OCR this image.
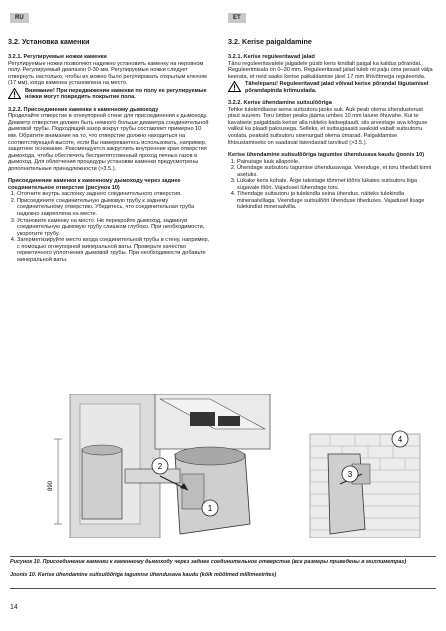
RU	ET
3.2. Установка каменки
3.2.1. Регулируемые ножки каменки

Регулируемые ножки позволяют надежно установить каменку на неровном полу. Регулируемый диапазон 0-30 мм. Регулируемые ножки следует отвернуть настолько, чтобы их можно было регулировать открытым ключом (17 мм), когда каменка установлена на место.

Внимание! При передвижении каменки по полу ее регулируемые ножки могут повредить покрытие пола.
3.2.2. Присоединение каменки к каменному дымоходу

Проделайте отверстие в огнеупорной стене для присоединения к дымоходу. Диаметр отверстия должен быть немного больше диаметра соединительной дымовой трубы. Подходящий зазор вокруг трубы составляет примерно 10 мм. Обратите внимание на то, что отверстие должно находиться на соответствующей высоте, если Вы намереваетесь использовать, например, защитное основание. Рекомендуется закруглить внутренние края отверстия дымохода, чтобы обеспечить беспрепятственный проход печных газов в дымоход. Для облегчения процедуры установки каменки предусмотрены дополнительные принадлежности (>3.5.).

Присоединение каменки к каменному дымоходу через заднее соединительное отверстие (рисунок 10)
1. Отогните внутрь заслонку заднего соединительного отверстия.
2. Присоедините соединительную дымовую трубу к заднему соединительному отверстию. Убедитесь, что соединительная труба надежно закреплена на месте.
3. Установите каменку на место. Не перекройте дымоход, задвинув соединительную дымовую трубу слишком глубоко. При необходимости, укоротите трубу.
4. Загерметизируйте место входа соединительной трубы в стену, например, с помощью огнеупорной минеральной ваты. Проверьте качество герметичного уплотнения дымовой трубы. При необходимости добавьте минеральной ваты.
3.2. Kerise paigaldamine
3.2.1. Kerise reguleeritavad jalad

Tänu reguleeritavatele jalgadele püsib keris kindlalt paigal ka kaldus põrandal. Reguleerimisala on 0–30 mm. Reguleeritavad jalad tuleb nii palju oma pesast välja keerata, et neid saaks kerise paikaldamise järel 17 mm lihtvõtmega reguleerida.

Tähelepanu! Reguleeritavad jalad võivad kerise põrandal liigutamisel põrandapinda kriimustada.
3.2.2. Kerise ühendamine suitsulõõriga

Tehke tulekindlasse seina suitsutoru jaoks auk. Auk peab olema ühendustorust pisut suurem. Toru ümber peaks jääma umbes 10 mm laiune õhuvahe. Kui te kavatsete paigaldada kerise alla näiteks kaitseplaadi, siis arvestage ava kõrguse valikul ka plaadi paksusega. Selleks, et suitsugaasid saaksid vabalt suitsutorru voolata, peaksid suitsutoru sisenurgad olema ümarad. Paigaldamise lihtsustamiseks on saadaval täiendavad tarvikud (>3.5.).

Kerise ühendamine suitsulõõriga tagumise ühendusava kaudu (joonis 10)
1. Painutage luuk allapoole.
2. Ühendage suitsutoru tagumise ühendusavaga. Veenduge, et toru tihedalt kinni asetuks.
3. Lükake keris kohale. Ärge takistage tõmmet lõõris lükates suitsutoru liiga sügavale lõõri. Vajadusel lühendage toru.
4. Tihendage suitsutoru ja tulekindla seina ühendus, näiteks tulekindla mineraalvillaga. Veenduge suitsulõõri ühenduse tiheduses. Vajadusel lisage tulekindlat mineraalvilla.
890
1
2
3
4
Рисунок 10. Присоединение каменки к каменному дымоходу через заднее соединительное отверстие (все размеры приведены в миллиметрах)
Joonis 10. Kerise ühendamine suitsulõõriga tagumise ühendusava kaudu (kõik mõõtmed millimeetrites)
14
